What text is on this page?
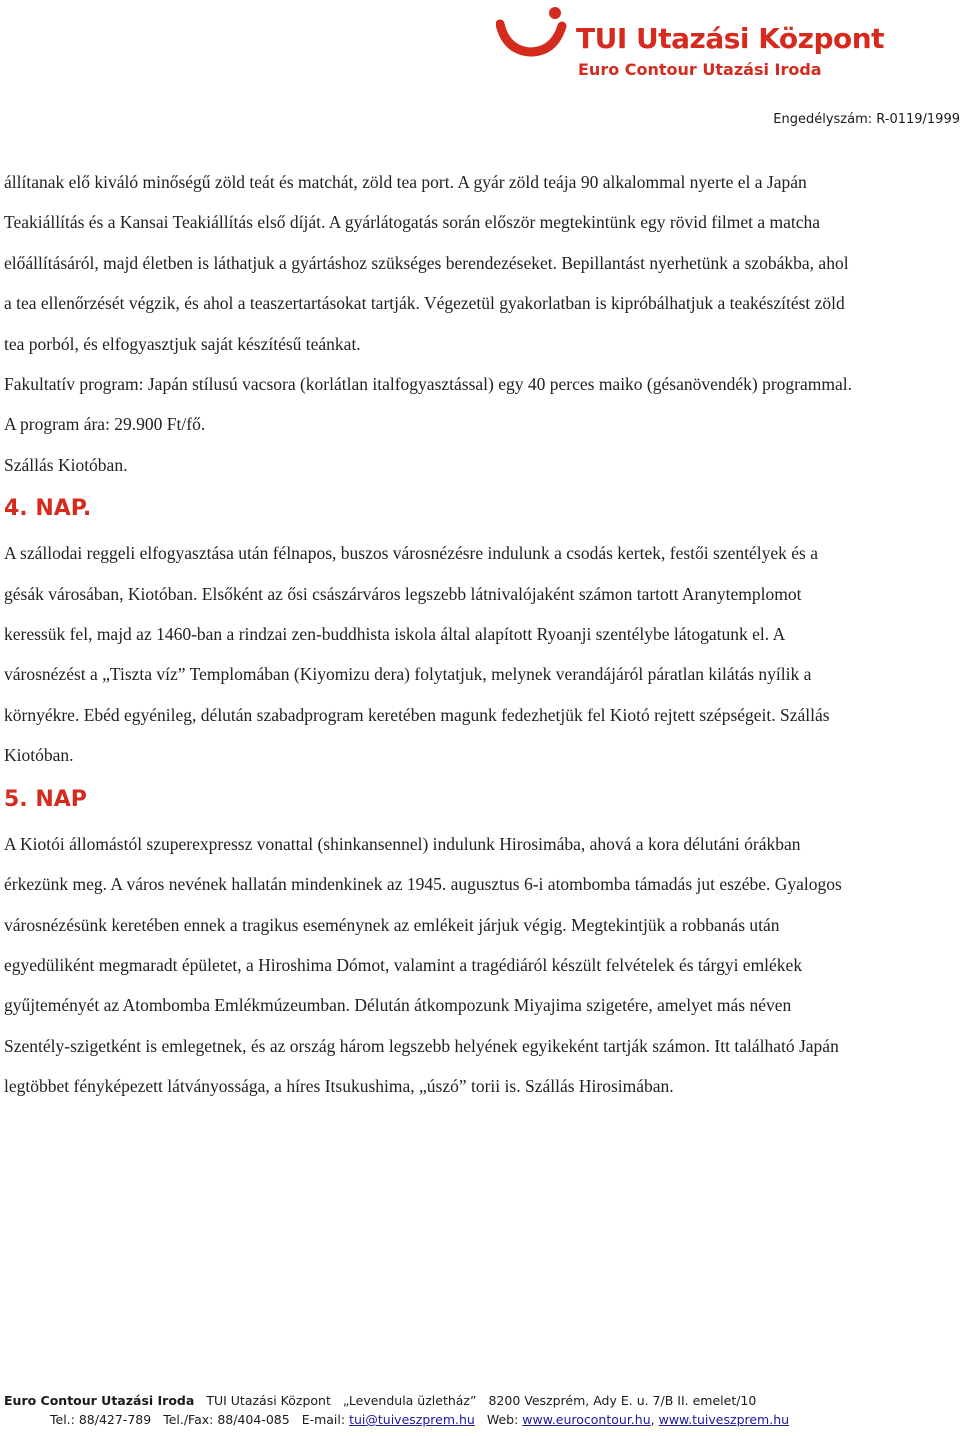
TUI Utazási Központ
Euro Contour Utazási Iroda
Engedélyszám: R-0119/1999

állítanak elő kiváló minőségű zöld teát és matchát, zöld tea port. A gyár zöld teája 90 alkalommal nyerte el a Japán Teakiállítás és a Kansai Teakiállítás első díját. A gyárlátogatás során először megtekintünk egy rövid filmet a matcha előállításáról, majd életben is láthatjuk a gyártáshoz szükséges berendezéseket. Bepillantást nyerhetünk a szobákba, ahol a tea ellenőrzését végzik, és ahol a teaszertartásokat tartják. Végezetül gyakorlatban is kipróbálhatjuk a teakészítést zöld tea porból, és elfogyasztjuk saját készítésű teánkat.

Fakultatív program: Japán stílusú vacsora (korlátlan italfogyasztással) egy 40 perces maiko (gésanövendék) programmal. A program ára: 29.900 Ft/fő.

Szállás Kiotóban.

4. NAP.

A szállodai reggeli elfogyasztása után félnapos, buszos városnézésre indulunk a csodás kertek, festői szentélyek és a gésák városában, Kiotóban. Elsőként az ősi császárváros legszebb látnivalójaként számon tartott Aranytemplomot keressük fel, majd az 1460-ban a rindzai zen-buddhista iskola által alapított Ryoanji szentélybe látogatunk el. A városnézést a „Tiszta víz” Templomában (Kiyomizu dera) folytatjuk, melynek verandájáról páratlan kilátás nyílik a környékre. Ebéd egyénileg, délután szabadprogram keretében magunk fedezhetjük fel Kiotó rejtett szépségeit. Szállás Kiotóban.

5. NAP

A Kiotói állomástól szuperexpressz vonattal (shinkansennel) indulunk Hirosimába, ahová a kora délutáni órákban érkezünk meg. A város nevének hallatán mindenkinek az 1945. augusztus 6-i atombomba támadás jut eszébe. Gyalogos városnézésünk keretében ennek a tragikus eseménynek az emlékeit járjuk végig. Megtekintjük a robbanás után egyedüliként megmaradt épületet, a Hiroshima Dómot, valamint a tragédiáról készült felvételek és tárgyi emlékek gyűjteményét az Atombomba Emlékmúzeumban. Délután átkompozunk Miyajima szigetére, amelyet más néven Szentély-szigetként is emlegetnek, és az ország három legszebb helyének egyikeként tartják számon. Itt található Japán legtöbbet fényképezett látványossága, a híres Itsukushima, „úszó” torii is. Szállás Hirosimában.

Euro Contour Utazási Iroda TUI Utazási Központ „Levendula üzletház” 8200 Veszprém, Ady E. u. 7/B II. emelet/10
Tel.: 88/427-789 Tel./Fax: 88/404-085 E-mail: tui@tuiveszprem.hu Web: www.eurocontour.hu, www.tuiveszprem.hu
